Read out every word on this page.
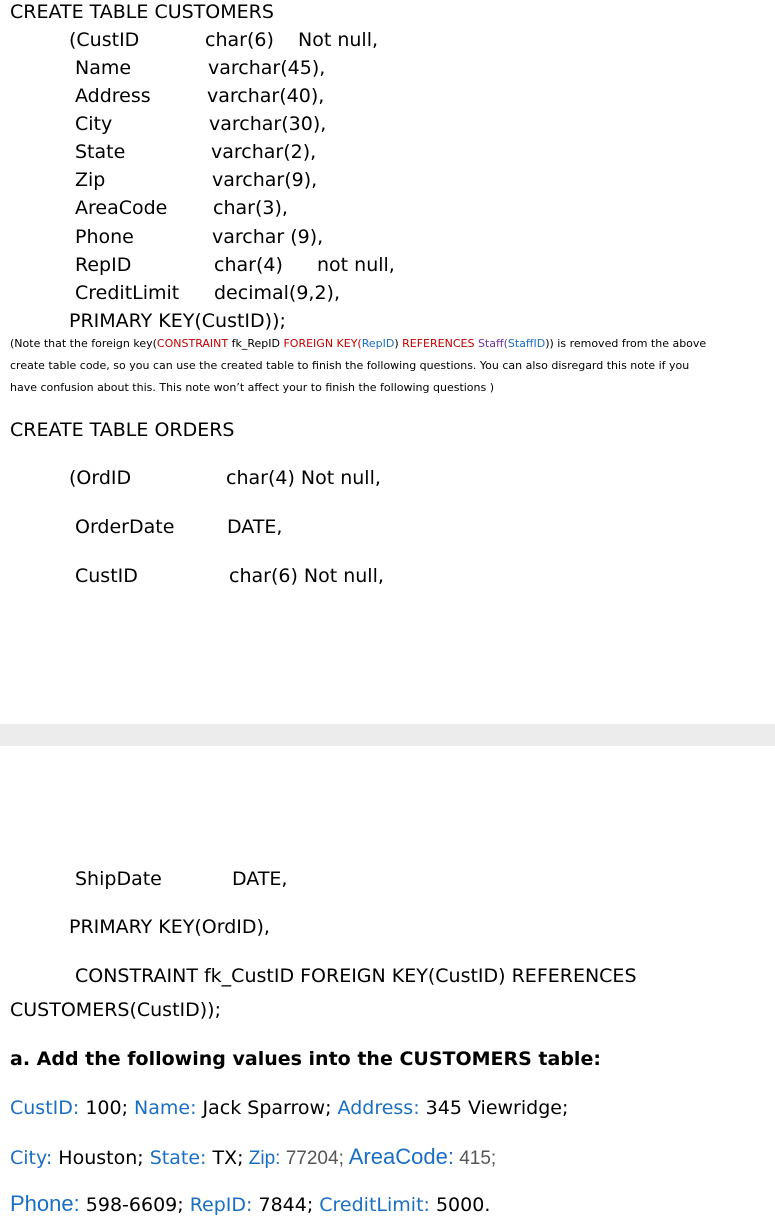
CREATE TABLE CUSTOMERS
(CustID	char(6) Not null,
Name	varchar(45),
Address	varchar(40),
City	varchar(30),
State	varchar(2),
Zip	varchar(9),
AreaCode char(3),
Phone	varchar (9),
RepID	char(4) not null,
CreditLimit decimal(9,2),
PRIMARY KEY(CustID));
(Note that the foreign key(CONSTRAINT fk_RepID FOREIGN KEY(RepID) REFERENCES Staff(StaffID)) is removed from the above
create table code, so you can use the created table to finish the following questions. You can also disregard this note if you
have confusion about this. This note won’t affect your to finish the following questions )
CREATE TABLE ORDERS
(OrdID	char(4) Not null,
OrderDate	DATE,
CustID	char(6) Not null,
ShipDate	DATE,
PRIMARY KEY(OrdID),
CONSTRAINT fk_CustID FOREIGN KEY(CustID) REFERENCES
CUSTOMERS(CustID));
a. Add the following values into the CUSTOMERS table:
CustID: 100; Name: Jack Sparrow; Address: 345 Viewridge;
City: Houston; State: TX; Zip: 77204; AreaCode: 415;
Phone: 598-6609; RepID: 7844; CreditLimit: 5000.
